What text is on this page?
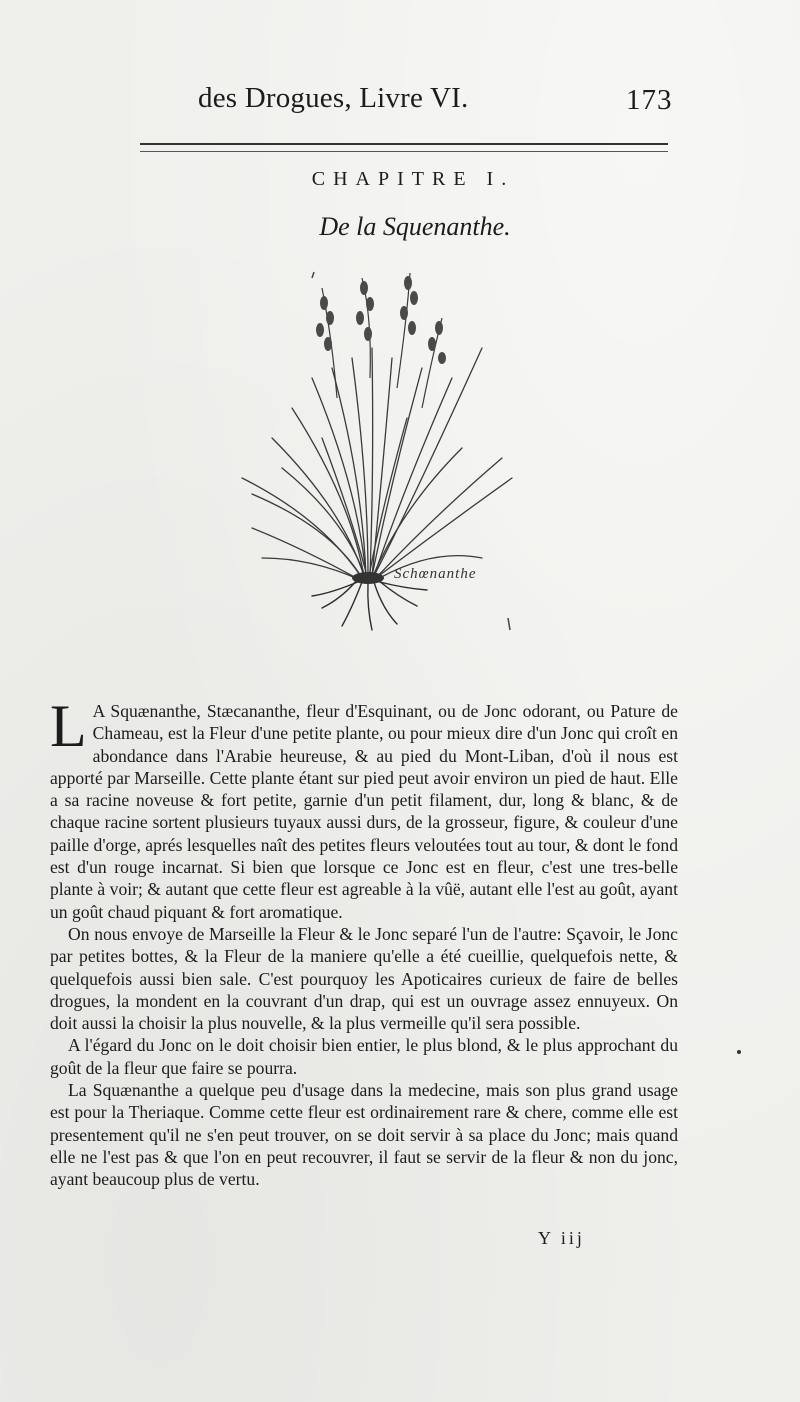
des Drogues, Livre VI.	173
CHAPITRE I.
De la Squenanthe.
Schœnanthe

L A Squænanthe, Stæcananthe, fleur d'Esquinant, ou de Jonc odorant, ou Pature de Chameau, est la Fleur d'une petite plante, ou pour mieux dire d'un Jonc qui croît en abondance dans l'Arabie heureuse, & au pied du Mont-Liban, d'où il nous est apporté par Marseille. Cette plante étant sur pied peut avoir environ un pied de haut. Elle a sa racine noveuse & fort petite, garnie d'un petit filament, dur, long & blanc, & de chaque racine sortent plusieurs tuyaux aussi durs, de la grosseur, figure, & couleur d'une paille d'orge, aprés lesquelles naît des petites fleurs veloutées tout au tour, & dont le fond est d'un rouge incarnat. Si bien que lorsque ce Jonc est en fleur, c'est une tres-belle plante à voir; & autant que cette fleur est agreable à la vûë, autant elle l'est au goût, ayant un goût chaud piquant & fort aromatique.

On nous envoye de Marseille la Fleur & le Jonc separé l'un de l'autre: Sçavoir, le Jonc par petites bottes, & la Fleur de la maniere qu'elle a été cueillie, quelquefois nette, & quelquefois aussi bien sale. C'est pourquoy les Apoticaires curieux de faire de belles drogues, la mondent en la couvrant d'un drap, qui est un ouvrage assez ennuyeux. On doit aussi la choisir la plus nouvelle, & la plus vermeille qu'il sera possible.

A l'égard du Jonc on le doit choisir bien entier, le plus blond, & le plus approchant du goût de la fleur que faire se pourra.

La Squænanthe a quelque peu d'usage dans la medecine, mais son plus grand usage est pour la Theriaque. Comme cette fleur est ordinairement rare & chere, comme elle est presentement qu'il ne s'en peut trouver, on se doit servir à sa place du Jonc; mais quand elle ne l'est pas & que l'on en peut recouvrer, il faut se servir de la fleur & non du jonc, ayant beaucoup plus de vertu.

Y iij
